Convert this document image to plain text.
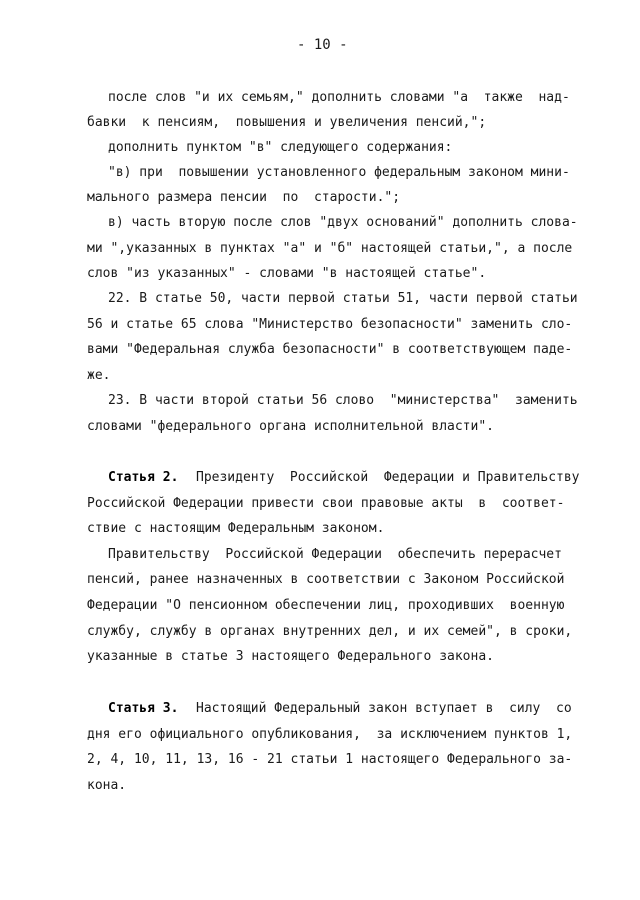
- 10 -
после слов "и их семьям," дополнить словами "а  также  над-
бавки  к пенсиям,  повышения и увеличения пенсий,";
дополнить пунктом "в" следующего содержания:
"в) при  повышении установленного федеральным законом мини-
мального размера пенсии  по  старости.";
в) часть вторую после слов "двух оснований" дополнить слова-
ми ",указанных в пунктах "а" и "б" настоящей статьи,", а после
слов "из указанных" - словами "в настоящей статье".
22. В статье 50, части первой статьи 51, части первой статьи
56 и статье 65 слова "Министерство безопасности" заменить сло-
вами "Федеральная служба безопасности" в соответствующем паде-
же.
23. В части второй статьи 56 слово  "министерства"  заменить
словами "федерального органа исполнительной власти".
Статья 2. Президенту  Российской  Федерации и Правительству
Российской Федерации привести свои правовые акты  в  соответ-
ствие с настоящим Федеральным законом.
Правительству  Российской Федерации  обеспечить перерасчет
пенсий, ранее назначенных в соответствии с Законом Российской
Федерации "О пенсионном обеспечении лиц, проходивших  военную
службу, службу в органах внутренних дел, и их семей", в сроки,
указанные в статье 3 настоящего Федерального закона.
Статья 3. Настоящий Федеральный закон вступает в  силу  со
дня его официального опубликования,  за исключением пунктов 1,
2, 4, 10, 11, 13, 16 - 21 статьи 1 настоящего Федерального за-
кона.
